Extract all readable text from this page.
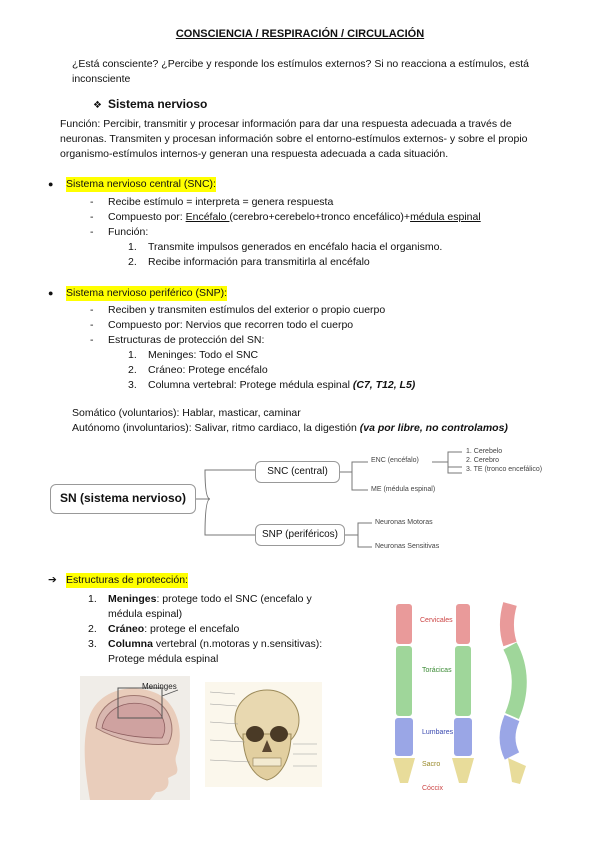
CONSCIENCIA / RESPIRACIÓN / CIRCULACIÓN
¿Está consciente? ¿Percibe y responde los estímulos externos? Si no reacciona a estímulos, está inconsciente
❖ Sistema nervioso
Función: Percibir, transmitir y procesar información para dar una respuesta adecuada a través de neuronas. Transmiten y procesan información sobre el entorno-estímulos externos- y sobre el propio organismo-estímulos internos-y generan una respuesta adecuada a cada situación.
●	Sistema nervioso central (SNC):
-	Recibe estímulo = interpreta = genera respuesta
-	Compuesto por: Encéfalo (cerebro+cerebelo+tronco encefálico)+médula espinal
-	Función:
1.	Transmite impulsos generados en encéfalo hacia el organismo.
2.	Recibe información para transmitirla al encéfalo
●	Sistema nervioso periférico (SNP):
-	Reciben y transmiten estímulos del exterior o propio cuerpo
-	Compuesto por: Nervios que recorren todo el cuerpo
-	Estructuras de protección del SN:
1.	Meninges: Todo el SNC
2.	Cráneo: Protege encéfalo
3.	Columna vertebral: Protege médula espinal (C7, T12, L5)
Somático (voluntarios): Hablar, masticar, caminar
Autónomo (involuntarios): Salivar, ritmo cardiaco, la digestión (va por libre, no controlamos)
SN (sistema nervioso)
SNC (central)
SNP (periféricos)
ENC (encéfalo)
1. Cerebelo
2. Cerebro
3. TE (tronco encefálico)
ME (médula espinal)
Neuronas Motoras
Neuronas Sensitivas
➔ Estructuras de protección:
1.	Meninges: protege todo el SNC (encefalo y médula espinal)
2.	Cráneo: protege el encefalo
3.	Columna vertebral (n.motoras y n.sensitivas): Protege médula espinal
Meninges
Cervicales
Torácicas
Lumbares
Sacro
Cóccix
